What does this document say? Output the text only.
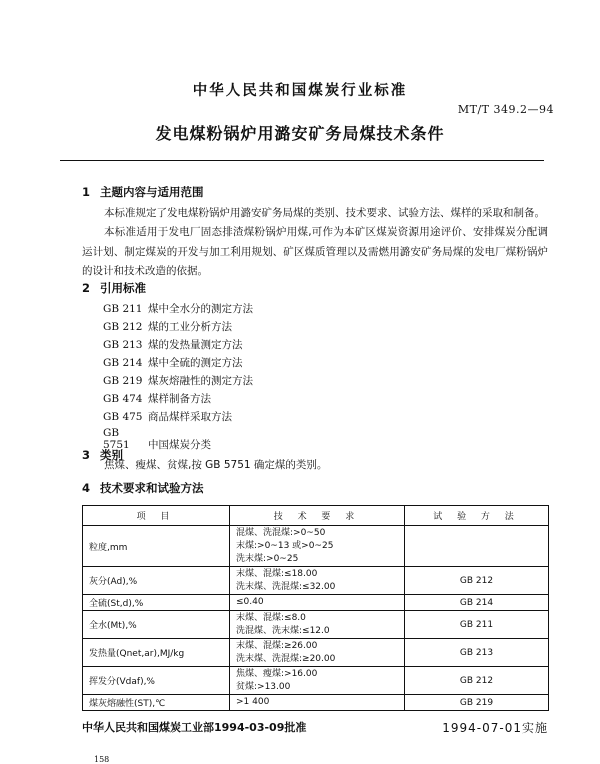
中华人民共和国煤炭行业标准
MT/T 349.2—94
发电煤粉锅炉用潞安矿务局煤技术条件
1 主题内容与适用范围
本标准规定了发电煤粉锅炉用潞安矿务局煤的类别、技术要求、试验方法、煤样的采取和制备。
本标准适用于发电厂固态排渣煤粉锅炉用煤,可作为本矿区煤炭资源用途评价、安排煤炭分配调运计划、制定煤炭的开发与加工利用规划、矿区煤质管理以及需燃用潞安矿务局煤的发电厂煤粉锅炉的设计和技术改造的依据。
2 引用标准
GB 211 煤中全水分的测定方法
GB 212 煤的工业分析方法
GB 213 煤的发热量测定方法
GB 214 煤中全硫的测定方法
GB 219 煤灰熔融性的测定方法
GB 474 煤样制备方法
GB 475 商品煤样采取方法
GB 5751 中国煤炭分类
3 类别
焦煤、瘦煤、贫煤,按 GB 5751 确定煤的类别。
4 技术要求和试验方法
项 目	技 术 要 求	试 验 方 法
粒度,mm	混煤、洗混煤:>0~50
末煤:>0~13 或>0~25
洗末煤:>0~25	

灰分(Ad),%	末煤、混煤:≤18.00
洗末煤、洗混煤:≤32.00	GB 212
全硫(St,d),%	≤0.40	GB 214
全水(Mt),%	末煤、混煤:≤8.0
洗混煤、洗末煤:≤12.0	GB 211
发热量(Qnet,ar),MJ/kg	末煤、混煤:≥26.00
洗末煤、洗混煤:≥20.00	GB 213
挥发分(Vdaf),%	焦煤、瘦煤:>16.00
贫煤:>13.00	GB 212
煤灰熔融性(ST),℃	>1 400	GB 219
中华人民共和国煤炭工业部1994-03-09批准	1994-07-01实施
158
